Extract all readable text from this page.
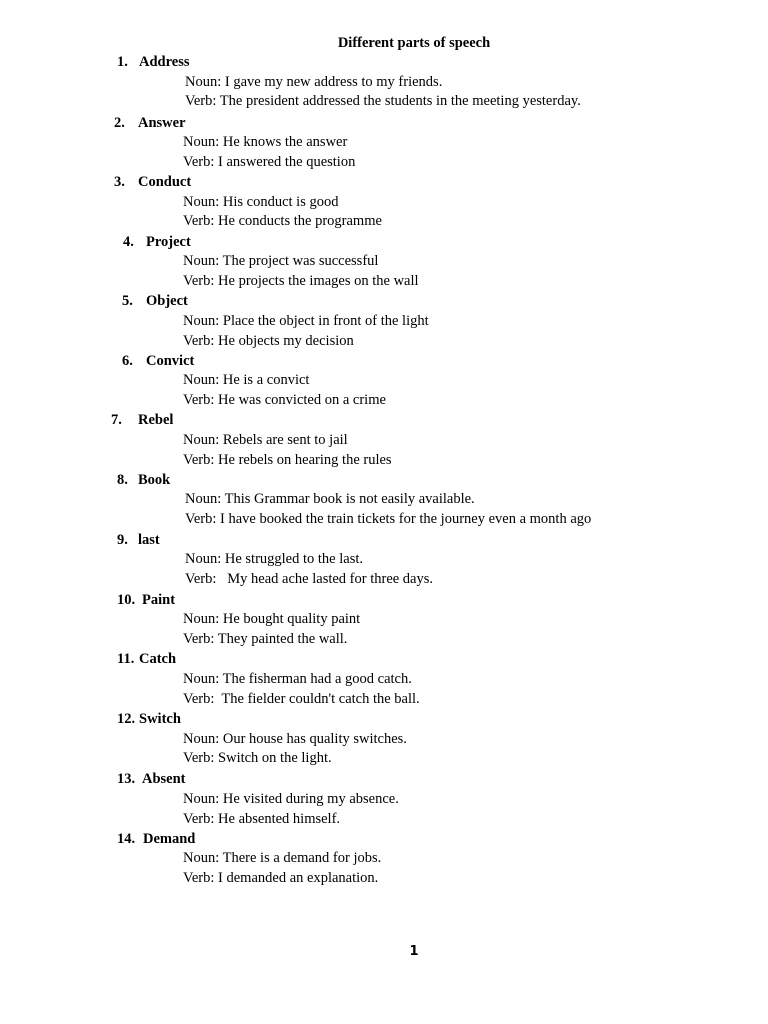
Different parts of speech
1. Address
Noun: I gave my new address to my friends.
Verb: The president addressed the students in the meeting yesterday.
2. Answer
Noun: He knows the answer
Verb: I answered the question
3. Conduct
Noun: His conduct is good
Verb: He conducts the programme
4. Project
Noun: The project was successful
Verb: He projects the images on the wall
5. Object
Noun: Place the object in front of the light
Verb: He objects my decision
6. Convict
Noun: He is a convict
Verb: He was convicted on a crime
7. Rebel
Noun: Rebels are sent to jail
Verb: He rebels on hearing the rules
8. Book
Noun: This Grammar book is not easily available.
Verb: I have booked the train tickets for the journey even a month ago
9. last
Noun: He struggled to the last.
Verb:   My head ache lasted for three days.
10. Paint
Noun: He bought quality paint
Verb: They painted the wall.
11. Catch
Noun: The fisherman had a good catch.
Verb:  The fielder couldn't catch the ball.
12. Switch
Noun: Our house has quality switches.
Verb: Switch on the light.
13. Absent
Noun: He visited during my absence.
Verb: He absented himself.
14. Demand
Noun: There is a demand for jobs.
Verb: I demanded an explanation.
1
